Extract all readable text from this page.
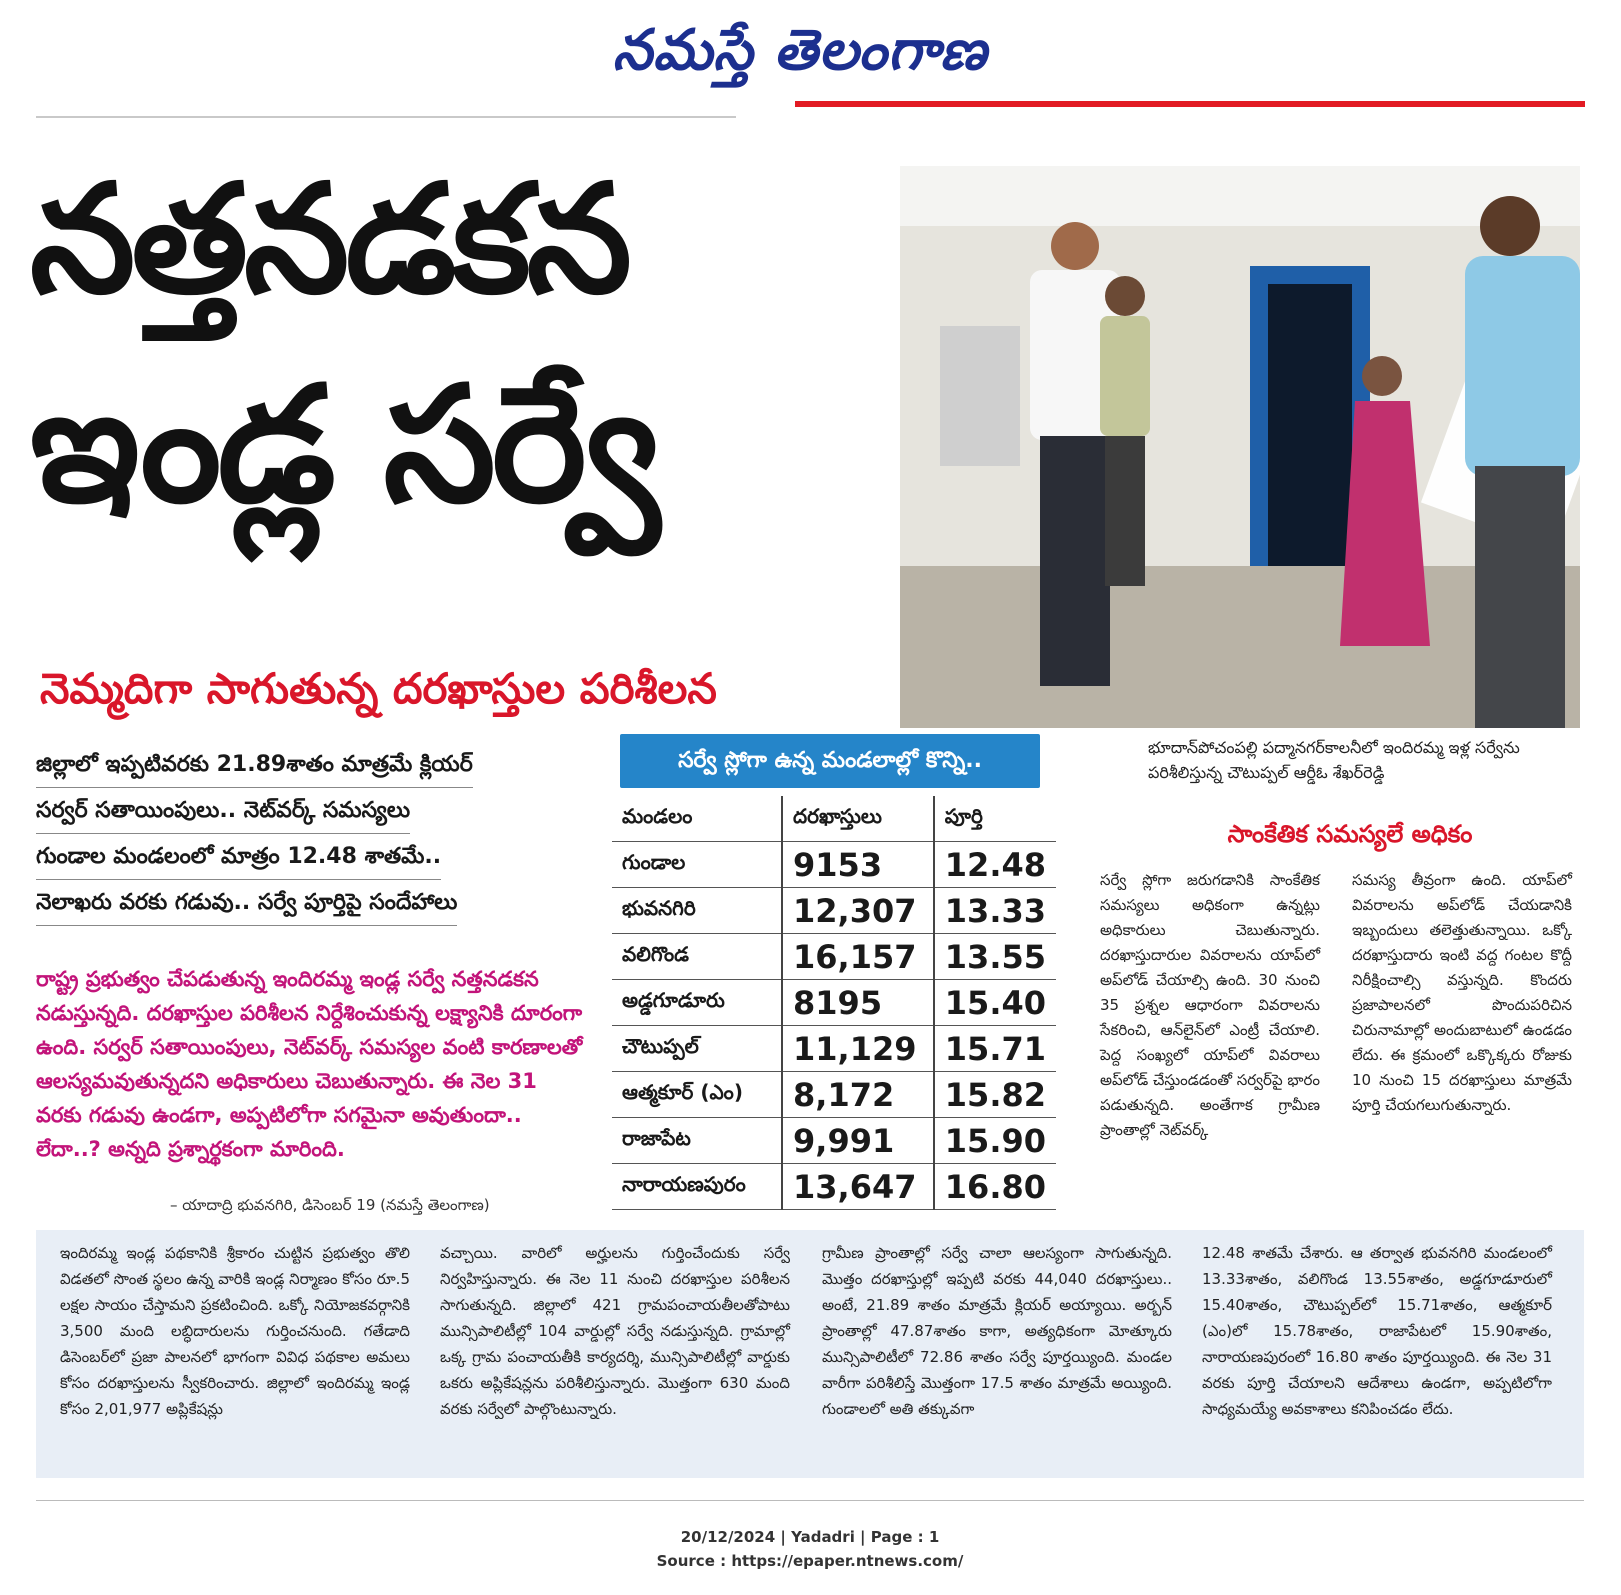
నమస్తే తెలంగాణ
నత్తనడకన
ఇండ్ల సర్వే
నెమ్మదిగా సాగుతున్న దరఖాస్తుల పరిశీలన
భూదాన్‌పోచంపల్లి పద్మానగర్‌కాలనీలో ఇందిరమ్మ ఇళ్ల సర్వేను పరిశీలిస్తున్న చౌటుప్పల్ ఆర్డీఓ శేఖర్‌రెడ్డి
జిల్లాలో ఇప్పటివరకు 21.89శాతం మాత్రమే క్లియర్
సర్వర్ సతాయింపులు.. నెట్‌వర్క్ సమస్యలు
గుండాల మండలంలో మాత్రం 12.48 శాతమే..
నెలాఖరు వరకు గడువు.. సర్వే పూర్తిపై సందేహాలు
రాష్ట్ర ప్రభుత్వం చేపడుతున్న ఇందిరమ్మ ఇండ్ల సర్వే నత్తనడకన నడుస్తున్నది. దరఖాస్తుల పరిశీలన నిర్దేశించుకున్న లక్ష్యానికి దూరంగా ఉంది. సర్వర్ సతాయింపులు, నెట్‌వర్క్ సమస్యల వంటి కారణాలతో ఆలస్యమవుతున్నదని అధికారులు చెబుతున్నారు. ఈ నెల 31 వరకు గడువు ఉండగా, అప్పటిలోగా సగమైనా అవుతుందా.. లేదా..? అన్నది ప్రశ్నార్థకంగా మారింది.
– యాదాద్రి భువనగిరి, డిసెంబర్ 19 (నమస్తే తెలంగాణ)
సర్వే స్లోగా ఉన్న మండలాల్లో కొన్ని..
మండలం	దరఖాస్తులు	పూర్తి
గుండాల	9153	12.48
భువనగిరి	12,307	13.33
వలిగొండ	16,157	13.55
అడ్డగూడూరు	8195	15.40
చౌటుప్పల్	11,129	15.71
ఆత్మకూర్ (ఎం)	8,172	15.82
రాజాపేట	9,991	15.90
నారాయణపురం	13,647	16.80
సాంకేతిక సమస్యలే అధికం
సర్వే స్లోగా జరుగడానికి సాంకేతిక సమస్యలు అధికంగా ఉన్నట్లు అధికారులు చెబుతున్నారు. దరఖాస్తుదారుల వివరాలను యాప్‌లో అప్‌లోడ్ చేయాల్సి ఉంది. 30 నుంచి 35 ప్రశ్నల ఆధారంగా వివరాలను సేకరించి, ఆన్‌లైన్‌లో ఎంట్రీ చేయాలి. పెద్ద సంఖ్యలో యాప్‌లో వివరాలు అప్‌లోడ్ చేస్తుండడంతో సర్వర్‌పై భారం పడుతున్నది. అంతేగాక గ్రామీణ ప్రాంతాల్లో నెట్‌వర్క్
సమస్య తీవ్రంగా ఉంది. యాప్‌లో వివరాలను అప్‌లోడ్ చేయడానికి ఇబ్బందులు తలెత్తుతున్నాయి. ఒక్కో దరఖాస్తుదారు ఇంటి వద్ద గంటల కొద్దీ నిరీక్షించాల్సి వస్తున్నది. కొందరు ప్రజాపాలనలో పొందుపరిచిన చిరునామాల్లో అందుబాటులో ఉండడం లేదు. ఈ క్రమంలో ఒక్కొక్కరు రోజుకు 10 నుంచి 15 దరఖాస్తులు మాత్రమే పూర్తి చేయగలుగుతున్నారు.
ఇందిరమ్మ ఇండ్ల పథకానికి శ్రీకారం చుట్టిన ప్రభుత్వం తొలి విడతలో సొంత స్థలం ఉన్న వారికి ఇండ్ల నిర్మాణం కోసం రూ.5 లక్షల సాయం చేస్తామని ప్రకటించింది. ఒక్కో నియోజకవర్గానికి 3,500 మంది లబ్ధిదారులను గుర్తించనుంది. గతేడాది డిసెంబర్‌లో ప్రజా పాలనలో భాగంగా వివిధ పథకాల అమలు కోసం దరఖాస్తులను స్వీకరించారు. జిల్లాలో ఇందిరమ్మ ఇండ్ల కోసం 2,01,977 అప్లికేషన్లు
వచ్చాయి. వారిలో అర్హులను గుర్తించేందుకు సర్వే నిర్వహిస్తున్నారు. ఈ నెల 11 నుంచి దరఖాస్తుల పరిశీలన సాగుతున్నది. జిల్లాలో 421 గ్రామపంచాయతీలతోపాటు మున్సిపాలిటీల్లో 104 వార్డుల్లో సర్వే నడుస్తున్నది. గ్రామాల్లో ఒక్క గ్రామ పంచాయతీకి కార్యదర్శి, మున్సిపాలిటీల్లో వార్డుకు ఒకరు అప్లికేషన్లను పరిశీలిస్తున్నారు. మొత్తంగా 630 మంది వరకు సర్వేలో పాల్గొంటున్నారు.
గ్రామీణ ప్రాంతాల్లో సర్వే చాలా ఆలస్యంగా సాగుతున్నది. మొత్తం దరఖాస్తుల్లో ఇప్పటి వరకు 44,040 దరఖాస్తులు.. అంటే, 21.89 శాతం మాత్రమే క్లియర్ అయ్యాయి. అర్బన్ ప్రాంతాల్లో 47.87శాతం కాగా, అత్యధికంగా మోత్కూరు మున్సిపాలిటీలో 72.86 శాతం సర్వే పూర్తయ్యింది. మండల వారీగా పరిశీలిస్తే మొత్తంగా 17.5 శాతం మాత్రమే అయ్యింది. గుండాలలో అతి తక్కువగా
12.48 శాతమే చేశారు. ఆ తర్వాత భువనగిరి మండలంలో 13.33శాతం, వలిగొండ 13.55శాతం, అడ్డగూడూరులో 15.40శాతం, చౌటుప్పల్‌లో 15.71శాతం, ఆత్మకూర్ (ఎం)లో 15.78శాతం, రాజాపేటలో 15.90శాతం, నారాయణపురంలో 16.80 శాతం పూర్తయ్యింది. ఈ నెల 31 వరకు పూర్తి చేయాలని ఆదేశాలు ఉండగా, అప్పటిలోగా సాధ్యమయ్యే అవకాశాలు కనిపించడం లేదు.
20/12/2024 | Yadadri | Page : 1
Source : https://epaper.ntnews.com/
